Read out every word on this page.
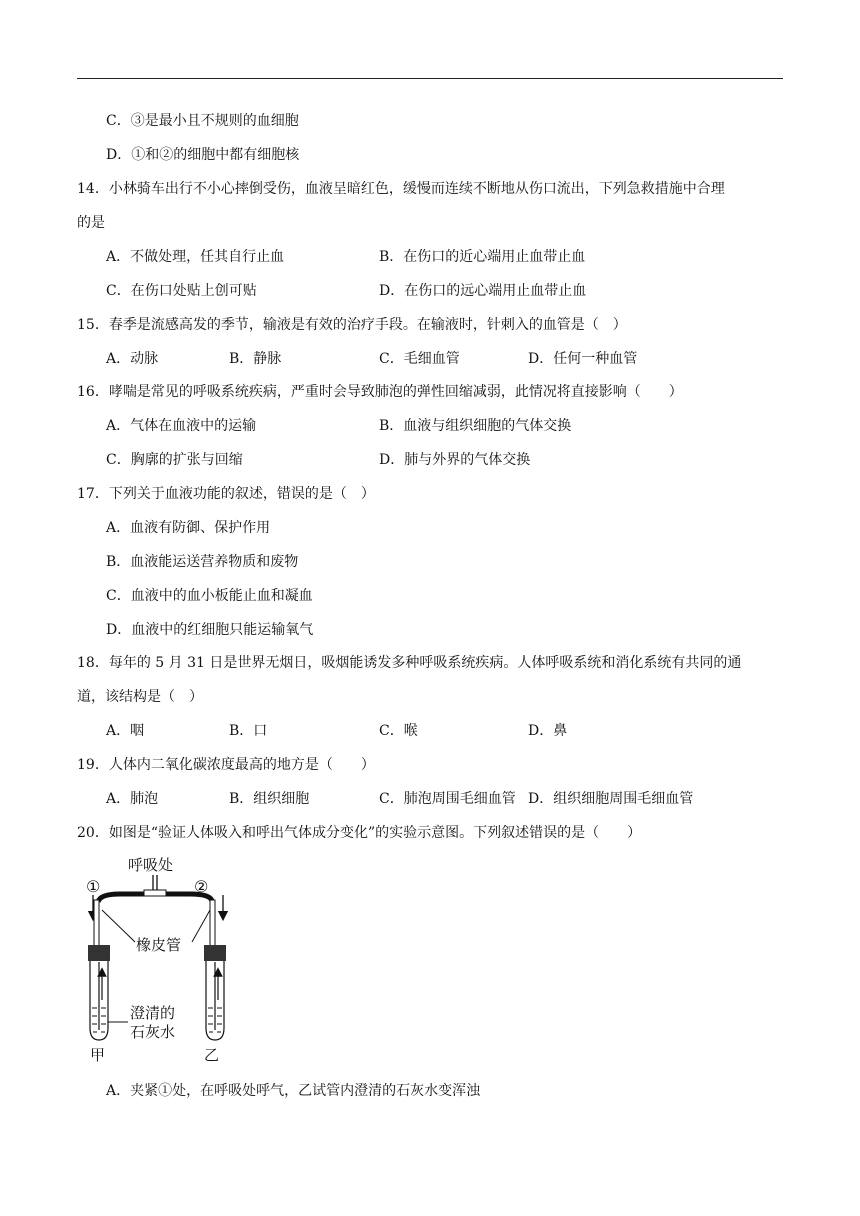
C．③是最小且不规则的血细胞
D．①和②的细胞中都有细胞核
14．小林骑车出行不小心摔倒受伤，血液呈暗红色，缓慢而连续不断地从伤口流出，下列急救措施中合理
的是
A．不做处理，任其自行止血	B．在伤口的近心端用止血带止血
C．在伤口处贴上创可贴	D．在伤口的远心端用止血带止血
15．春季是流感高发的季节，输液是有效的治疗手段。在输液时，针刺入的血管是（　）
A．动脉	B．静脉	C．毛细血管	D．任何一种血管
16．哮喘是常见的呼吸系统疾病，严重时会导致肺泡的弹性回缩减弱，此情况将直接影响（　　）
A．气体在血液中的运输	B．血液与组织细胞的气体交换
C．胸廓的扩张与回缩	D．肺与外界的气体交换
17．下列关于血液功能的叙述，错误的是（　）
A．血液有防御、保护作用
B．血液能运送营养物质和废物
C．血液中的血小板能止血和凝血
D．血液中的红细胞只能运输氧气
18．每年的 5 月 31 日是世界无烟日，吸烟能诱发多种呼吸系统疾病。人体呼吸系统和消化系统有共同的通
道，该结构是（　）
A．咽	B．口	C．喉	D．鼻
19．人体内二氧化碳浓度最高的地方是（　　）
A．肺泡	B．组织细胞	C．肺泡周围毛细血管 D．组织细胞周围毛细血管
20．如图是“验证人体吸入和呼出气体成分变化”的实验示意图。下列叙述错误的是（　　）
呼吸处
①	②
橡皮管
澄清的
石灰水
甲	乙
A．夹紧①处，在呼吸处呼气，乙试管内澄清的石灰水变浑浊
